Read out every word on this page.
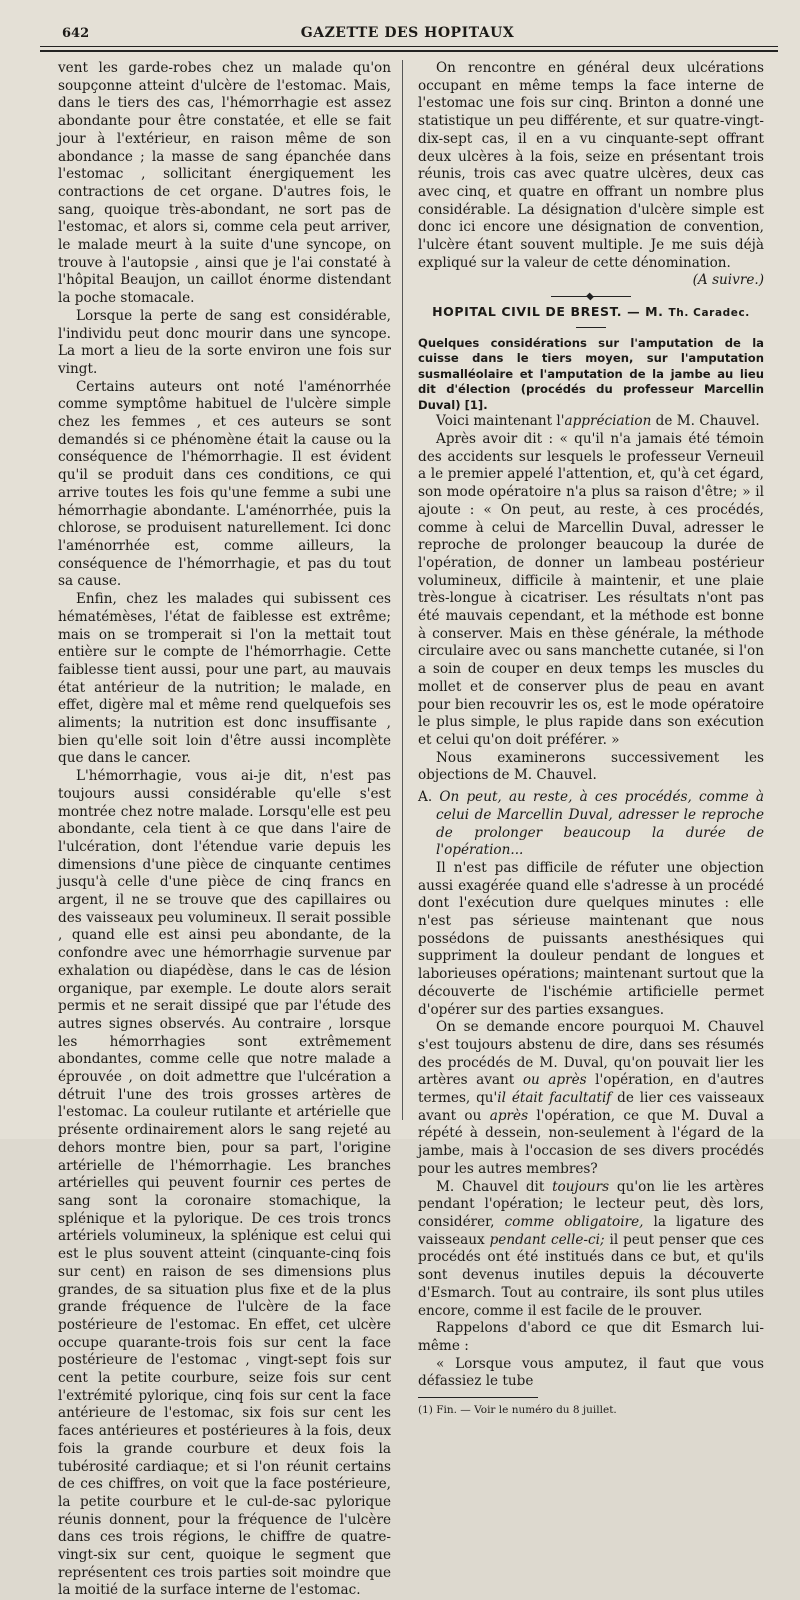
642	GAZETTE DES HOPITAUX

vent les garde-robes chez un malade qu'on soupçonne atteint d'ulcère de l'estomac. Mais, dans le tiers des cas, l'hémorrhagie est assez abondante pour être constatée, et elle se fait jour à l'extérieur, en raison même de son abondance ; la masse de sang épanchée dans l'estomac , sollicitant énergiquement les contractions de cet organe. D'autres fois, le sang, quoique très-abondant, ne sort pas de l'estomac, et alors si, comme cela peut arriver, le malade meurt à la suite d'une syncope, on trouve à l'autopsie , ainsi que je l'ai constaté à l'hôpital Beaujon, un caillot énorme distendant la poche stomacale.

Lorsque la perte de sang est considérable, l'individu peut donc mourir dans une syncope. La mort a lieu de la sorte environ une fois sur vingt.

Certains auteurs ont noté l'aménorrhée comme symptôme habituel de l'ulcère simple chez les femmes , et ces auteurs se sont demandés si ce phénomène était la cause ou la conséquence de l'hémorrhagie. Il est évident qu'il se produit dans ces conditions, ce qui arrive toutes les fois qu'une femme a subi une hémorrhagie abondante. L'aménorrhée, puis la chlorose, se produisent naturellement. Ici donc l'aménorrhée est, comme ailleurs, la conséquence de l'hémorrhagie, et pas du tout sa cause.

Enfin, chez les malades qui subissent ces hématémèses, l'état de faiblesse est extrême; mais on se tromperait si l'on la mettait tout entière sur le compte de l'hémorrhagie. Cette faiblesse tient aussi, pour une part, au mauvais état antérieur de la nutrition; le malade, en effet, digère mal et même rend quelquefois ses aliments; la nutrition est donc insuffisante , bien qu'elle soit loin d'être aussi incomplète que dans le cancer.

L'hémorrhagie, vous ai-je dit, n'est pas toujours aussi considérable qu'elle s'est montrée chez notre malade. Lorsqu'elle est peu abondante, cela tient à ce que dans l'aire de l'ulcération, dont l'étendue varie depuis les dimensions d'une pièce de cinquante centimes jusqu'à celle d'une pièce de cinq francs en argent, il ne se trouve que des capillaires ou des vaisseaux peu volumineux. Il serait possible , quand elle est ainsi peu abondante, de la confondre avec une hémorrhagie survenue par exhalation ou diapédèse, dans le cas de lésion organique, par exemple. Le doute alors serait permis et ne serait dissipé que par l'étude des autres signes observés. Au contraire , lorsque les hémorrhagies sont extrêmement abondantes, comme celle que notre malade a éprouvée , on doit admettre que l'ulcération a détruit l'une des trois grosses artères de l'estomac. La couleur rutilante et artérielle que présente ordinairement alors le sang rejeté au dehors montre bien, pour sa part, l'origine artérielle de l'hémorrhagie. Les branches artérielles qui peuvent fournir ces pertes de sang sont la coronaire stomachique, la splénique et la pylorique. De ces trois troncs artériels volumineux, la splénique est celui qui est le plus souvent atteint (cinquante-cinq fois sur cent) en raison de ses dimensions plus grandes, de sa situation plus fixe et de la plus grande fréquence de l'ulcère de la face postérieure de l'estomac. En effet, cet ulcère occupe quarante-trois fois sur cent la face postérieure de l'estomac , vingt-sept fois sur cent la petite courbure, seize fois sur cent l'extrémité pylorique, cinq fois sur cent la face antérieure de l'estomac, six fois sur cent les faces antérieures et postérieures à la fois, deux fois la grande courbure et deux fois la tubérosité cardiaque; et si l'on réunit certains de ces chiffres, on voit que la face postérieure, la petite courbure et le cul-de-sac pylorique réunis donnent, pour la fréquence de l'ulcère dans ces trois régions, le chiffre de quatre-vingt-six sur cent, quoique le segment que représentent ces trois parties soit moindre que la moitié de la surface interne de l'estomac.

On rencontre en général deux ulcérations occupant en même temps la face interne de l'estomac une fois sur cinq. Brinton a donné une statistique un peu différente, et sur quatre-vingt-dix-sept cas, il en a vu cinquante-sept offrant deux ulcères à la fois, seize en présentant trois réunis, trois cas avec quatre ulcères, deux cas avec cinq, et quatre en offrant un nombre plus considérable. La désignation d'ulcère simple est donc ici encore une désignation de convention, l'ulcère étant souvent multiple. Je me suis déjà expliqué sur la valeur de cette dénomination.

(A suivre.)

HOPITAL CIVIL DE BREST. — M. Th. Caradec.

Quelques considérations sur l'amputation de la cuisse dans le tiers moyen, sur l'amputation susmalléolaire et l'amputation de la jambe au lieu dit d'élection (procédés du professeur Marcellin Duval) [1].

Voici maintenant l'appréciation de M. Chauvel.

Après avoir dit : « qu'il n'a jamais été témoin des accidents sur lesquels le professeur Verneuil a le premier appelé l'attention, et, qu'à cet égard, son mode opératoire n'a plus sa raison d'être; » il ajoute : « On peut, au reste, à ces procédés, comme à celui de Marcellin Duval, adresser le reproche de prolonger beaucoup la durée de l'opération, de donner un lambeau postérieur volumineux, difficile à maintenir, et une plaie très-longue à cicatriser. Les résultats n'ont pas été mauvais cependant, et la méthode est bonne à conserver. Mais en thèse générale, la méthode circulaire avec ou sans manchette cutanée, si l'on a soin de couper en deux temps les muscles du mollet et de conserver plus de peau en avant pour bien recouvrir les os, est le mode opératoire le plus simple, le plus rapide dans son exécution et celui qu'on doit préférer. »

Nous examinerons successivement les objections de M. Chauvel.

A. On peut, au reste, à ces procédés, comme à celui de Marcellin Duval, adresser le reproche de prolonger beaucoup la durée de l'opération...

Il n'est pas difficile de réfuter une objection aussi exagérée quand elle s'adresse à un procédé dont l'exécution dure quelques minutes : elle n'est pas sérieuse maintenant que nous possédons de puissants anesthésiques qui suppriment la douleur pendant de longues et laborieuses opérations; maintenant surtout que la découverte de l'ischémie artificielle permet d'opérer sur des parties exsangues.

On se demande encore pourquoi M. Chauvel s'est toujours abstenu de dire, dans ses résumés des procédés de M. Duval, qu'on pouvait lier les artères avant ou après l'opération, en d'autres termes, qu'il était facultatif de lier ces vaisseaux avant ou après l'opération, ce que M. Duval a répété à dessein, non-seulement à l'égard de la jambe, mais à l'occasion de ses divers procédés pour les autres membres?

M. Chauvel dit toujours qu'on lie les artères pendant l'opération; le lecteur peut, dès lors, considérer, comme obligatoire, la ligature des vaisseaux pendant celle-ci; il peut penser que ces procédés ont été institués dans ce but, et qu'ils sont devenus inutiles depuis la découverte d'Esmarch. Tout au contraire, ils sont plus utiles encore, comme il est facile de le prouver.

Rappelons d'abord ce que dit Esmarch lui-même :

« Lorsque vous amputez, il faut que vous défassiez le tube

(1) Fin. — Voir le numéro du 8 juillet.
